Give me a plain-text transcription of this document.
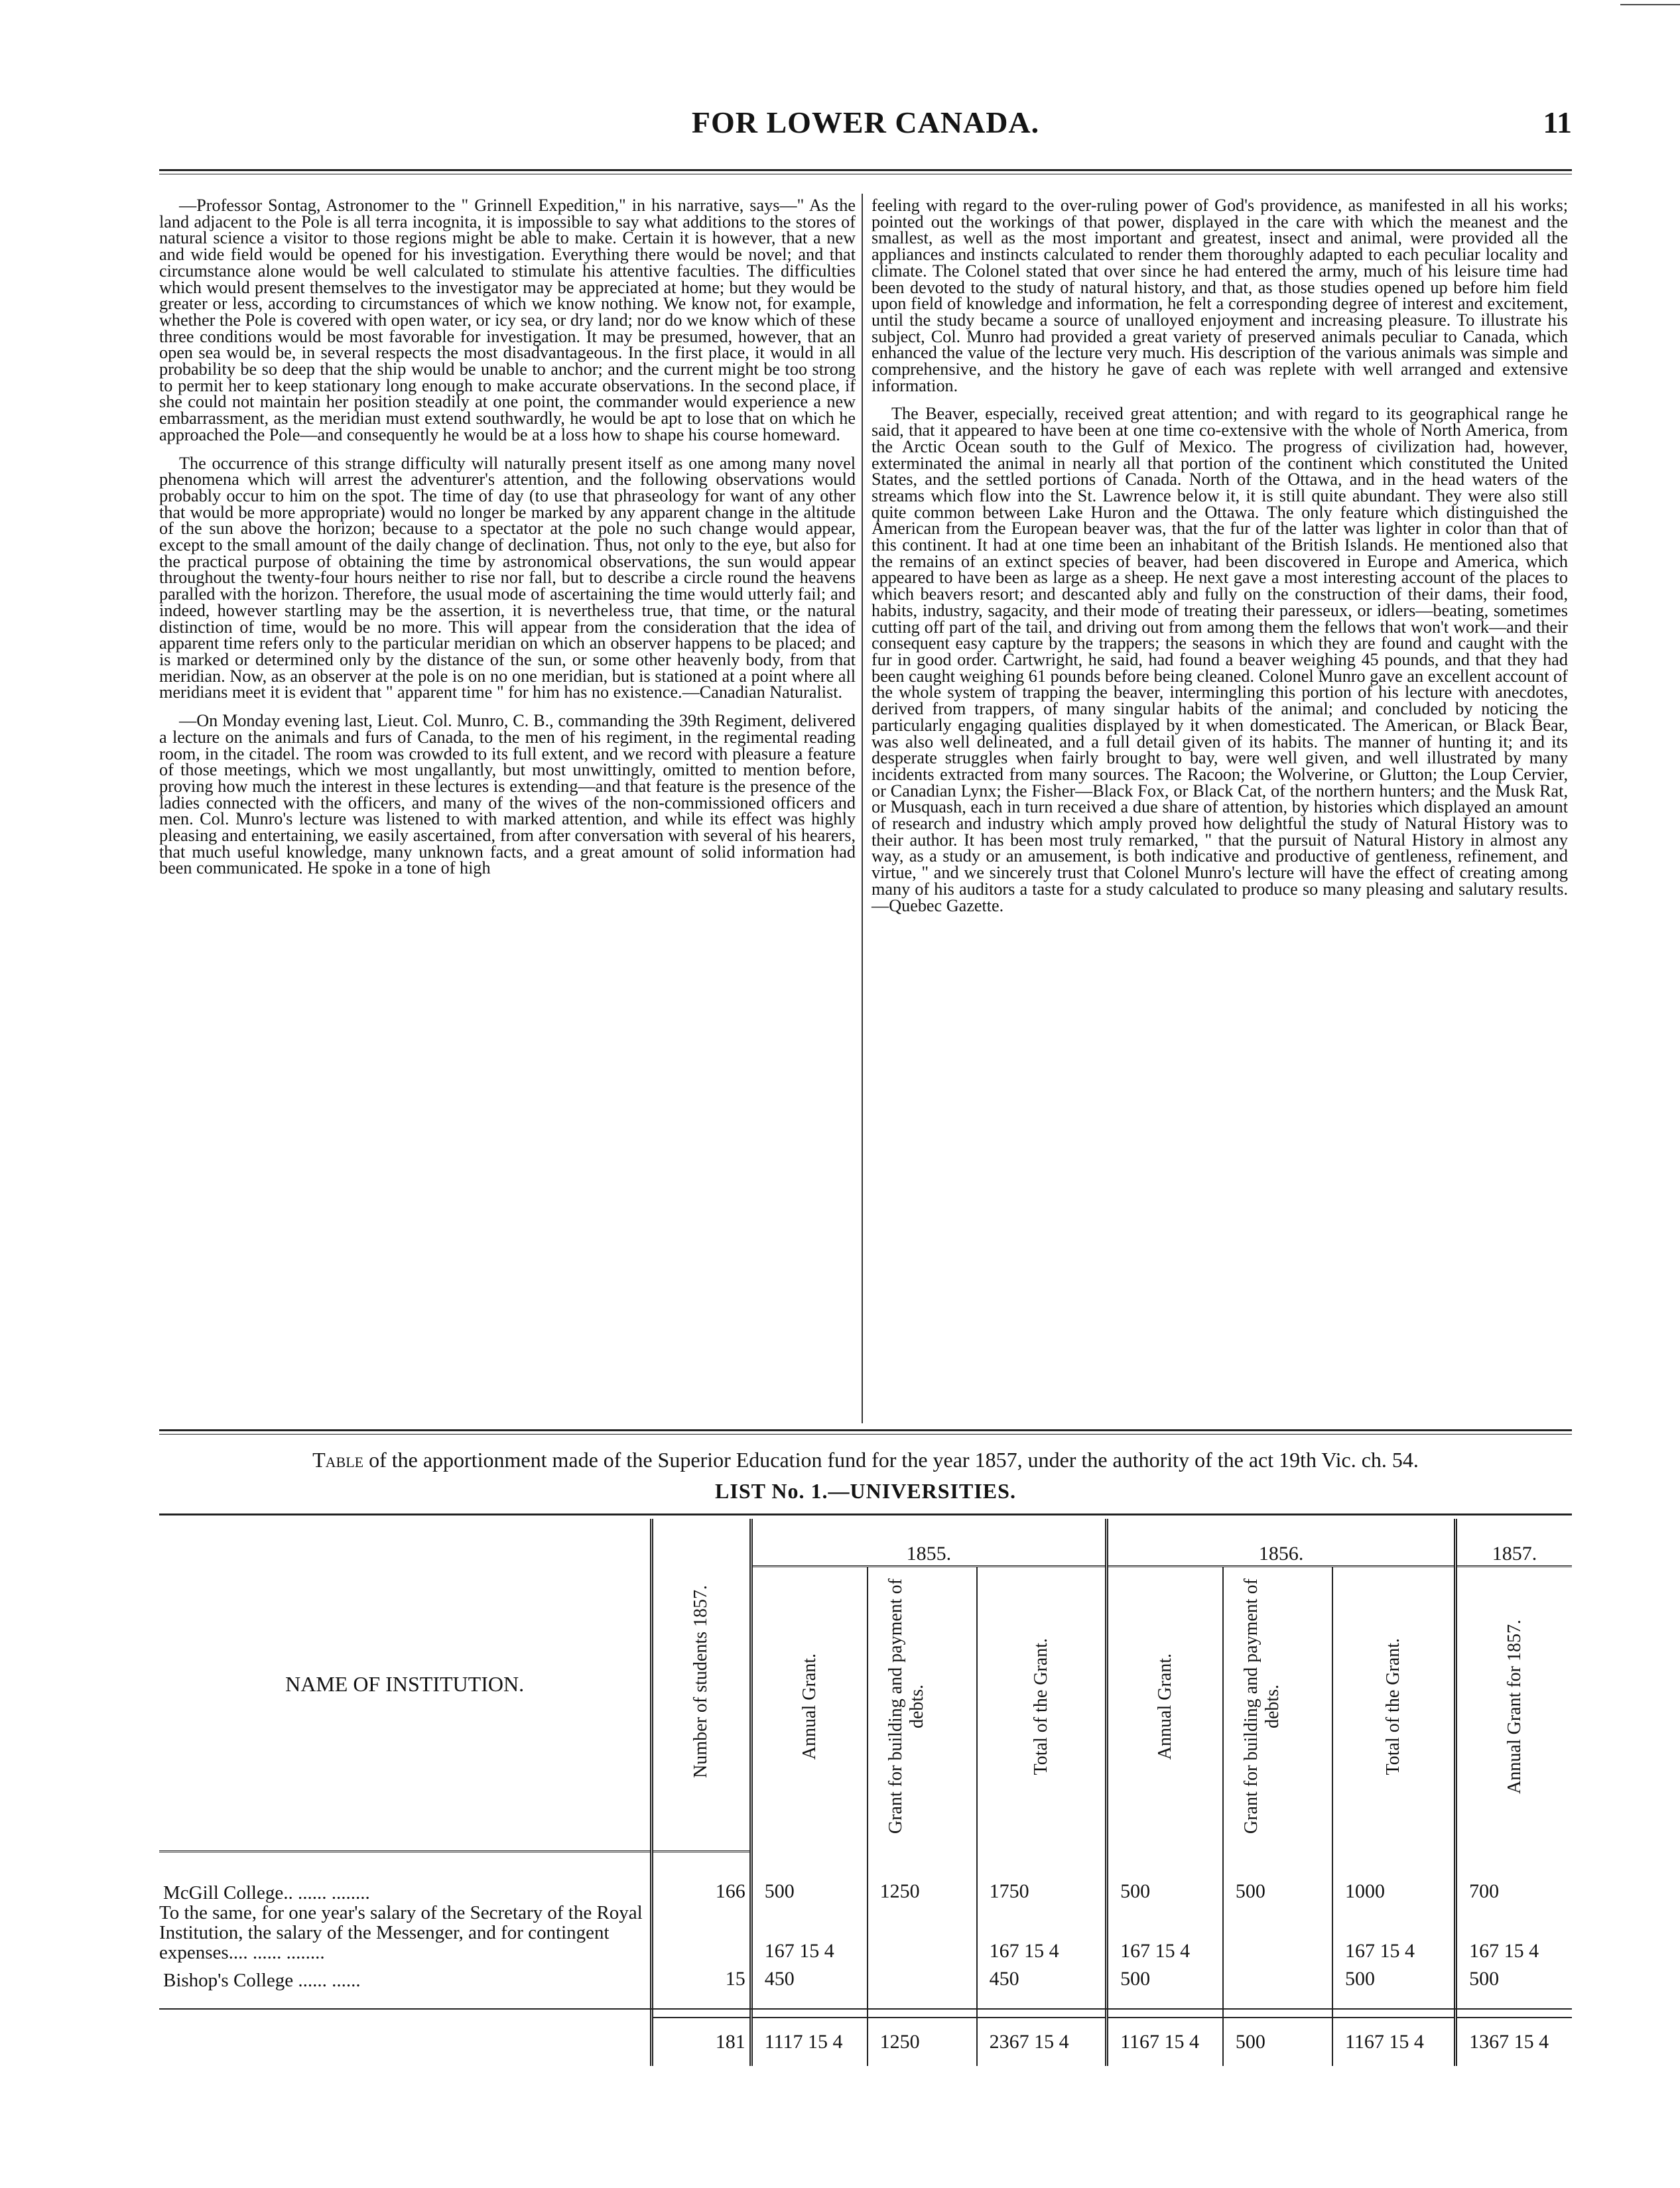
FOR LOWER CANADA.	11

—Professor Sontag, Astronomer to the " Grinnell Expedition," in his narrative, says—" As the land adjacent to the Pole is all terra incognita, it is impossible to say what additions to the stores of natural science a visitor to those regions might be able to make. Certain it is however, that a new and wide field would be opened for his investigation. Everything there would be novel; and that circumstance alone would be well calculated to stimulate his attentive faculties. The difficulties which would present themselves to the investigator may be appreciated at home; but they would be greater or less, according to circumstances of which we know nothing. We know not, for example, whether the Pole is covered with open water, or icy sea, or dry land; nor do we know which of these three conditions would be most favorable for investigation. It may be presumed, however, that an open sea would be, in several respects the most disadvantageous. In the first place, it would in all probability be so deep that the ship would be unable to anchor; and the current might be too strong to permit her to keep stationary long enough to make accurate observations. In the second place, if she could not maintain her position steadily at one point, the commander would experience a new embarrassment, as the meridian must extend southwardly, he would be apt to lose that on which he approached the Pole—and consequently he would be at a loss how to shape his course homeward.

The occurrence of this strange difficulty will naturally present itself as one among many novel phenomena which will arrest the adventurer's attention, and the following observations would probably occur to him on the spot. The time of day (to use that phraseology for want of any other that would be more appropriate) would no longer be marked by any apparent change in the altitude of the sun above the horizon; because to a spectator at the pole no such change would appear, except to the small amount of the daily change of declination. Thus, not only to the eye, but also for the practical purpose of obtaining the time by astronomical observations, the sun would appear throughout the twenty-four hours neither to rise nor fall, but to describe a circle round the heavens paralled with the horizon. Therefore, the usual mode of ascertaining the time would utterly fail; and indeed, however startling may be the assertion, it is nevertheless true, that time, or the natural distinction of time, would be no more. This will appear from the consideration that the idea of apparent time refers only to the particular meridian on which an observer happens to be placed; and is marked or determined only by the distance of the sun, or some other heavenly body, from that meridian. Now, as an observer at the pole is on no one meridian, but is stationed at a point where all meridians meet it is evident that " apparent time " for him has no existence.—Canadian Naturalist.

—On Monday evening last, Lieut. Col. Munro, C. B., commanding the 39th Regiment, delivered a lecture on the animals and furs of Canada, to the men of his regiment, in the regimental reading room, in the citadel. The room was crowded to its full extent, and we record with pleasure a feature of those meetings, which we most ungallantly, but most unwittingly, omitted to mention before, proving how much the interest in these lectures is extending—and that feature is the presence of the ladies connected with the officers, and many of the wives of the non-commissioned officers and men. Col. Munro's lecture was listened to with marked attention, and while its effect was highly pleasing and entertaining, we easily ascertained, from after conversation with several of his hearers, that much useful knowledge, many unknown facts, and a great amount of solid information had been communicated. He spoke in a tone of high

feeling with regard to the over-ruling power of God's providence, as manifested in all his works; pointed out the workings of that power, displayed in the care with which the meanest and the smallest, as well as the most important and greatest, insect and animal, were provided all the appliances and instincts calculated to render them thoroughly adapted to each peculiar locality and climate. The Colonel stated that over since he had entered the army, much of his leisure time had been devoted to the study of natural history, and that, as those studies opened up before him field upon field of knowledge and information, he felt a corresponding degree of interest and excitement, until the study became a source of unalloyed enjoyment and increasing pleasure. To illustrate his subject, Col. Munro had provided a great variety of preserved animals peculiar to Canada, which enhanced the value of the lecture very much. His description of the various animals was simple and comprehensive, and the history he gave of each was replete with well arranged and extensive information.

The Beaver, especially, received great attention; and with regard to its geographical range he said, that it appeared to have been at one time co-extensive with the whole of North America, from the Arctic Ocean south to the Gulf of Mexico. The progress of civilization had, however, exterminated the animal in nearly all that portion of the continent which constituted the United States, and the settled portions of Canada. North of the Ottawa, and in the head waters of the streams which flow into the St. Lawrence below it, it is still quite abundant. They were also still quite common between Lake Huron and the Ottawa. The only feature which distinguished the American from the European beaver was, that the fur of the latter was lighter in color than that of this continent. It had at one time been an inhabitant of the British Islands. He mentioned also that the remains of an extinct species of beaver, had been discovered in Europe and America, which appeared to have been as large as a sheep. He next gave a most interesting account of the places to which beavers resort; and descanted ably and fully on the construction of their dams, their food, habits, industry, sagacity, and their mode of treating their paresseux, or idlers—beating, sometimes cutting off part of the tail, and driving out from among them the fellows that won't work—and their consequent easy capture by the trappers; the seasons in which they are found and caught with the fur in good order. Cartwright, he said, had found a beaver weighing 45 pounds, and that they had been caught weighing 61 pounds before being cleaned. Colonel Munro gave an excellent account of the whole system of trapping the beaver, intermingling this portion of his lecture with anecdotes, derived from trappers, of many singular habits of the animal; and concluded by noticing the particularly engaging qualities displayed by it when domesticated. The American, or Black Bear, was also well delineated, and a full detail given of its habits. The manner of hunting it; and its desperate struggles when fairly brought to bay, were well given, and well illustrated by many incidents extracted from many sources. The Racoon; the Wolverine, or Glutton; the Loup Cervier, or Canadian Lynx; the Fisher—Black Fox, or Black Cat, of the northern hunters; and the Musk Rat, or Musquash, each in turn received a due share of attention, by histories which displayed an amount of research and industry which amply proved how delightful the study of Natural History was to their author. It has been most truly remarked, " that the pursuit of Natural History in almost any way, as a study or an amusement, is both indicative and productive of gentleness, refinement, and virtue, " and we sincerely trust that Colonel Munro's lecture will have the effect of creating among many of his auditors a taste for a study calculated to produce so many pleasing and salutary results.—Quebec Gazette.

Table of the apportionment made of the Superior Education fund for the year 1857, under the authority of the act 19th Vic. ch. 54.
LIST No. 1.—UNIVERSITIES.
NAME OF INSTITUTION.	Number of students 1857.	1855.			1856.			1857.
		Annual Grant.	Grant for building and payment of debts.	Total of the Grant.	Annual Grant.	Grant for building and payment of debts.	Total of the Grant.	Annual Grant for 1857.
McGill College.. ...... ........	166	500	1250	1750	500	500	1000	700
To the same, for one year's salary of the Secretary of the Royal Institution, the salary of the Messenger, and for contingent expenses.... ...... ........		167 15 4		167 15 4	167 15 4		167 15 4	167 15 4
Bishop's College ...... ......	15	450		450	500		500	500

	181	1117 15 4	1250	2367 15 4	1167 15 4	500	1167 15 4	1367 15 4
